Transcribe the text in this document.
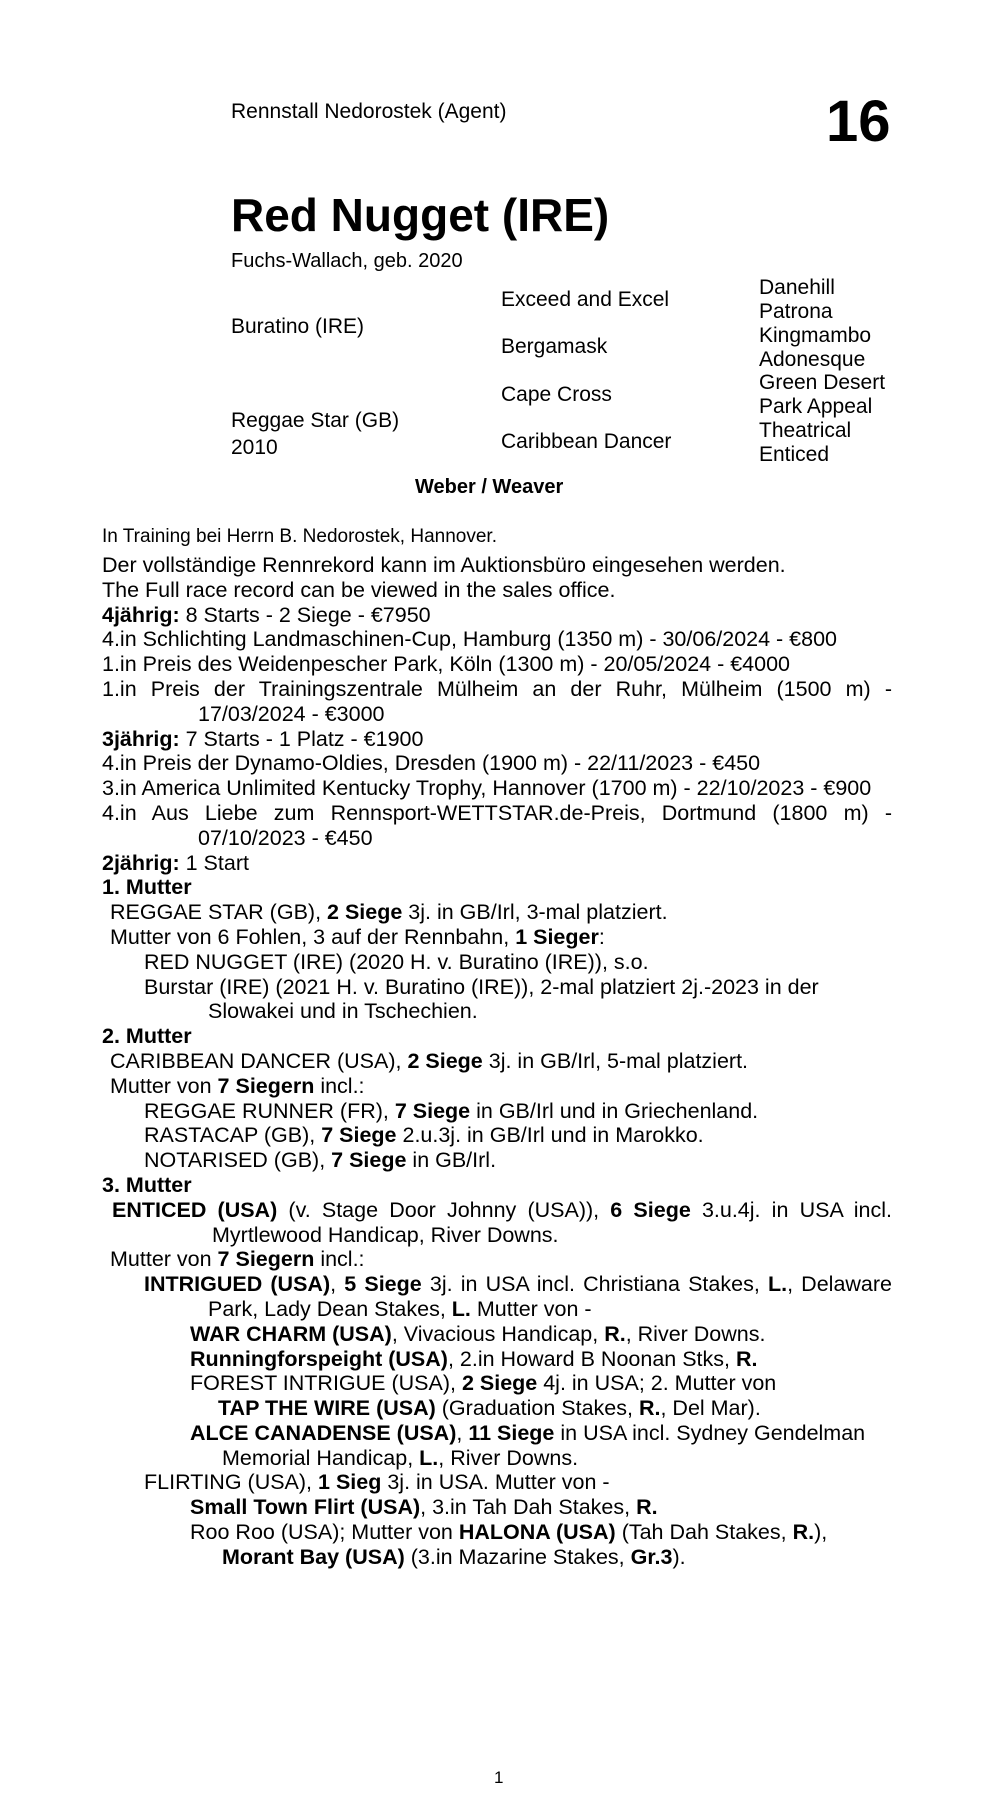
Rennstall Nedorostek (Agent)	16
Red Nugget (IRE)
Fuchs-Wallach, geb. 2020
Buratino (IRE)
Reggae Star (GB)
2010
Exceed and Excel
Bergamask
Cape Cross
Caribbean Dancer
Danehill
Patrona
Kingmambo
Adonesque
Green Desert
Park Appeal
Theatrical
Enticed
Weber / Weaver
In Training bei Herrn B. Nedorostek, Hannover.

Der vollständige Rennrekord kann im Auktionsbüro eingesehen werden.

The Full race record can be viewed in the sales office.

4jährig: 8 Starts - 2 Siege - €7950

4.in Schlichting Landmaschinen-Cup, Hamburg (1350 m) - 30/06/2024 - €800

1.in Preis des Weidenpescher Park, Köln (1300 m) - 20/05/2024 - €4000

1.in Preis der Trainingszentrale Mülheim an der Ruhr, Mülheim (1500 m) - 17/03/2024 - €3000

3jährig: 7 Starts - 1 Platz - €1900

4.in Preis der Dynamo-Oldies, Dresden (1900 m) - 22/11/2023 - €450

3.in America Unlimited Kentucky Trophy, Hannover (1700 m) - 22/10/2023 - €900

4.in Aus Liebe zum Rennsport-WETTSTAR.de-Preis, Dortmund (1800 m) - 07/10/2023 - €450

2jährig: 1 Start

1. Mutter

REGGAE STAR (GB), 2 Siege 3j. in GB/Irl, 3-mal platziert.

Mutter von 6 Fohlen, 3 auf der Rennbahn, 1 Sieger:

RED NUGGET (IRE) (2020 H. v. Buratino (IRE)), s.o.

Burstar (IRE) (2021 H. v. Buratino (IRE)), 2-mal platziert 2j.-2023 in der Slowakei und in Tschechien.

2. Mutter

CARIBBEAN DANCER (USA), 2 Siege 3j. in GB/Irl, 5-mal platziert.

Mutter von 7 Siegern incl.:

REGGAE RUNNER (FR), 7 Siege in GB/Irl und in Griechenland.

RASTACAP (GB), 7 Siege 2.u.3j. in GB/Irl und in Marokko.

NOTARISED (GB), 7 Siege in GB/Irl.

3. Mutter

ENTICED (USA) (v. Stage Door Johnny (USA)), 6 Siege 3.u.4j. in USA incl. Myrtlewood Handicap, River Downs.

Mutter von 7 Siegern incl.:

INTRIGUED (USA), 5 Siege 3j. in USA incl. Christiana Stakes, L., Delaware Park, Lady Dean Stakes, L. Mutter von -

WAR CHARM (USA), Vivacious Handicap, R., River Downs.

Runningforspeight (USA), 2.in Howard B Noonan Stks, R.

FOREST INTRIGUE (USA), 2 Siege 4j. in USA; 2. Mutter von

TAP THE WIRE (USA) (Graduation Stakes, R., Del Mar).

ALCE CANADENSE (USA), 11 Siege in USA incl. Sydney Gendelman Memorial Handicap, L., River Downs.

FLIRTING (USA), 1 Sieg 3j. in USA. Mutter von -

Small Town Flirt (USA), 3.in Tah Dah Stakes, R.

Roo Roo (USA); Mutter von HALONA (USA) (Tah Dah Stakes, R.), Morant Bay (USA) (3.in Mazarine Stakes, Gr.3).

1
